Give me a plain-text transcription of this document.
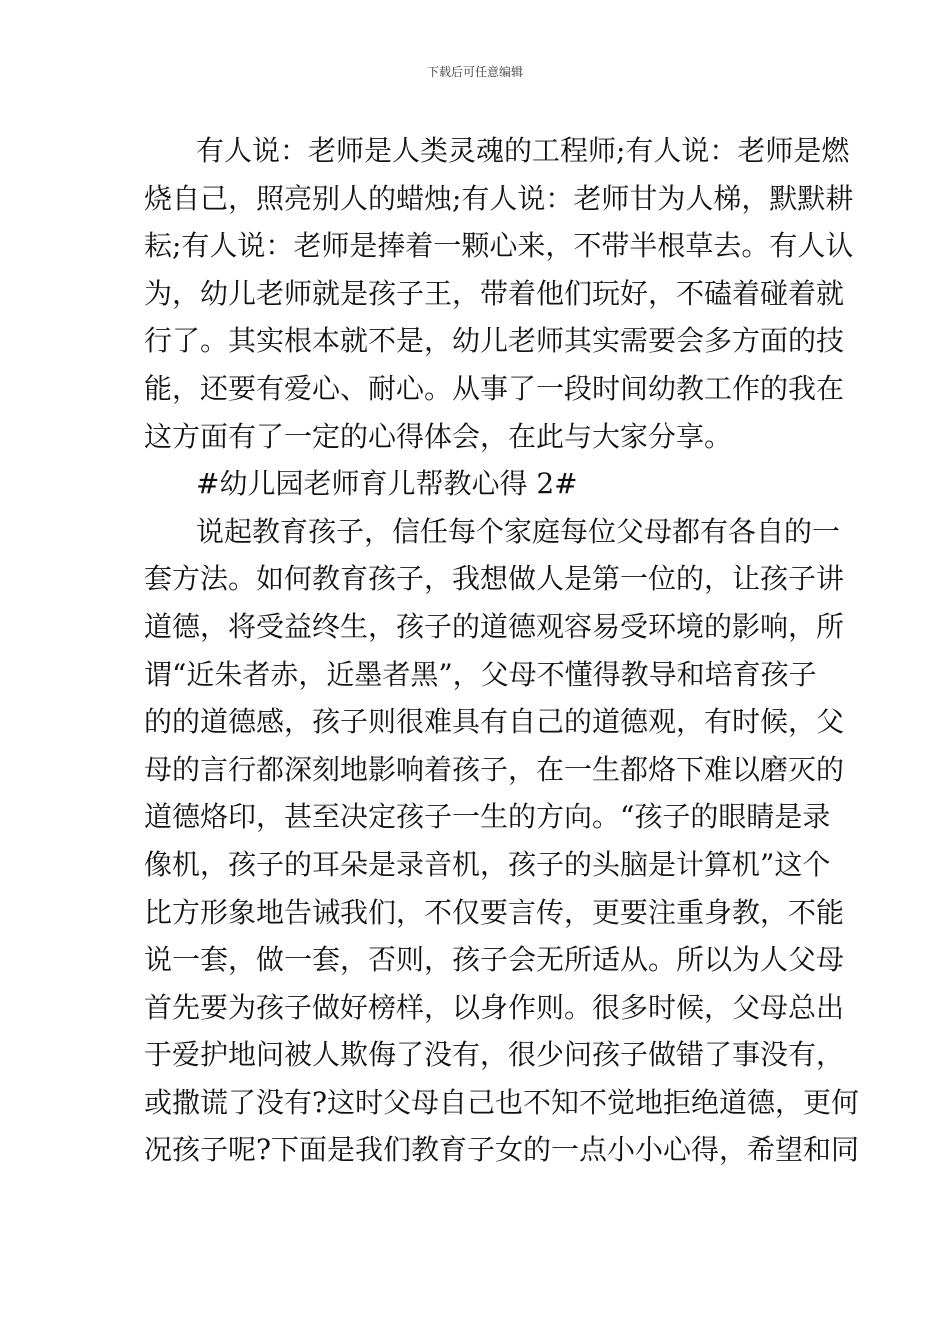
下载后可任意编辑
有人说：老师是人类灵魂的工程师;有人说：老师是燃
烧自己，照亮别人的蜡烛;有人说：老师甘为人梯，默默耕
耘;有人说：老师是捧着一颗心来，不带半根草去。有人认
为，幼儿老师就是孩子王，带着他们玩好，不磕着碰着就
行了。其实根本就不是，幼儿老师其实需要会多方面的技
能，还要有爱心、耐心。从事了一段时间幼教工作的我在
这方面有了一定的心得体会，在此与大家分享。
#幼儿园老师育儿帮教心得 2#
说起教育孩子，信任每个家庭每位父母都有各自的一
套方法。如何教育孩子，我想做人是第一位的，让孩子讲
道德，将受益终生，孩子的道德观容易受环境的影响，所
谓“近朱者赤，近墨者黑”，父母不懂得教导和培育孩子
的的道德感，孩子则很难具有自己的道德观，有时候，父
母的言行都深刻地影响着孩子，在一生都烙下难以磨灭的
道德烙印，甚至决定孩子一生的方向。“孩子的眼睛是录
像机，孩子的耳朵是录音机，孩子的头脑是计算机”这个
比方形象地告诫我们，不仅要言传，更要注重身教，不能
说一套，做一套，否则，孩子会无所适从。所以为人父母
首先要为孩子做好榜样，以身作则。很多时候，父母总出
于爱护地问被人欺侮了没有，很少问孩子做错了事没有，
或撒谎了没有?这时父母自己也不知不觉地拒绝道德，更何
况孩子呢?下面是我们教育子女的一点小小心得，希望和同
